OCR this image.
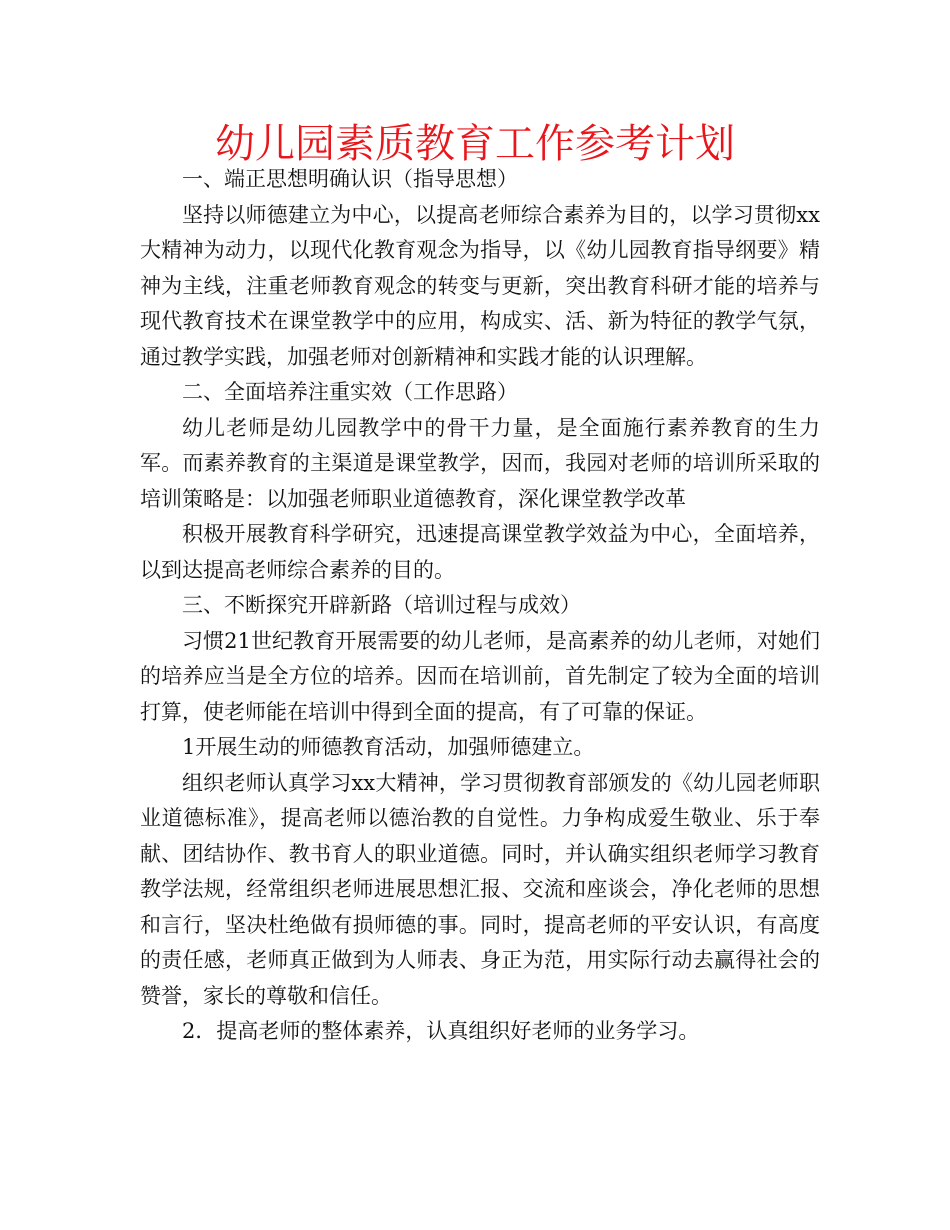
幼儿园素质教育工作参考计划

一、端正思想明确认识（指导思想）

坚持以师德建立为中心，以提高老师综合素养为目的，以学习贯彻xx大精神为动力，以现代化教育观念为指导，以《幼儿园教育指导纲要》精神为主线，注重老师教育观念的转变与更新，突出教育科研才能的培养与现代教育技术在课堂教学中的应用，构成实、活、新为特征的教学气氛，通过教学实践，加强老师对创新精神和实践才能的认识理解。

二、全面培养注重实效（工作思路）

幼儿老师是幼儿园教学中的骨干力量，是全面施行素养教育的生力军。而素养教育的主渠道是课堂教学，因而，我园对老师的培训所采取的培训策略是：以加强老师职业道德教育，深化课堂教学改革

积极开展教育科学研究，迅速提高课堂教学效益为中心，全面培养，以到达提高老师综合素养的目的。

三、不断探究开辟新路（培训过程与成效）

习惯21世纪教育开展需要的幼儿老师，是高素养的幼儿老师，对她们的培养应当是全方位的培养。因而在培训前，首先制定了较为全面的培训打算，使老师能在培训中得到全面的提高，有了可靠的保证。

1开展生动的师德教育活动，加强师德建立。

组织老师认真学习xx大精神，学习贯彻教育部颁发的《幼儿园老师职业道德标准》，提高老师以德治教的自觉性。力争构成爱生敬业、乐于奉献、团结协作、教书育人的职业道德。同时，并认确实组织老师学习教育教学法规，经常组织老师进展思想汇报、交流和座谈会，净化老师的思想和言行，坚决杜绝做有损师德的事。同时，提高老师的平安认识，有高度的责任感，老师真正做到为人师表、身正为范，用实际行动去赢得社会的赞誉，家长的尊敬和信任。

2．提高老师的整体素养，认真组织好老师的业务学习。
